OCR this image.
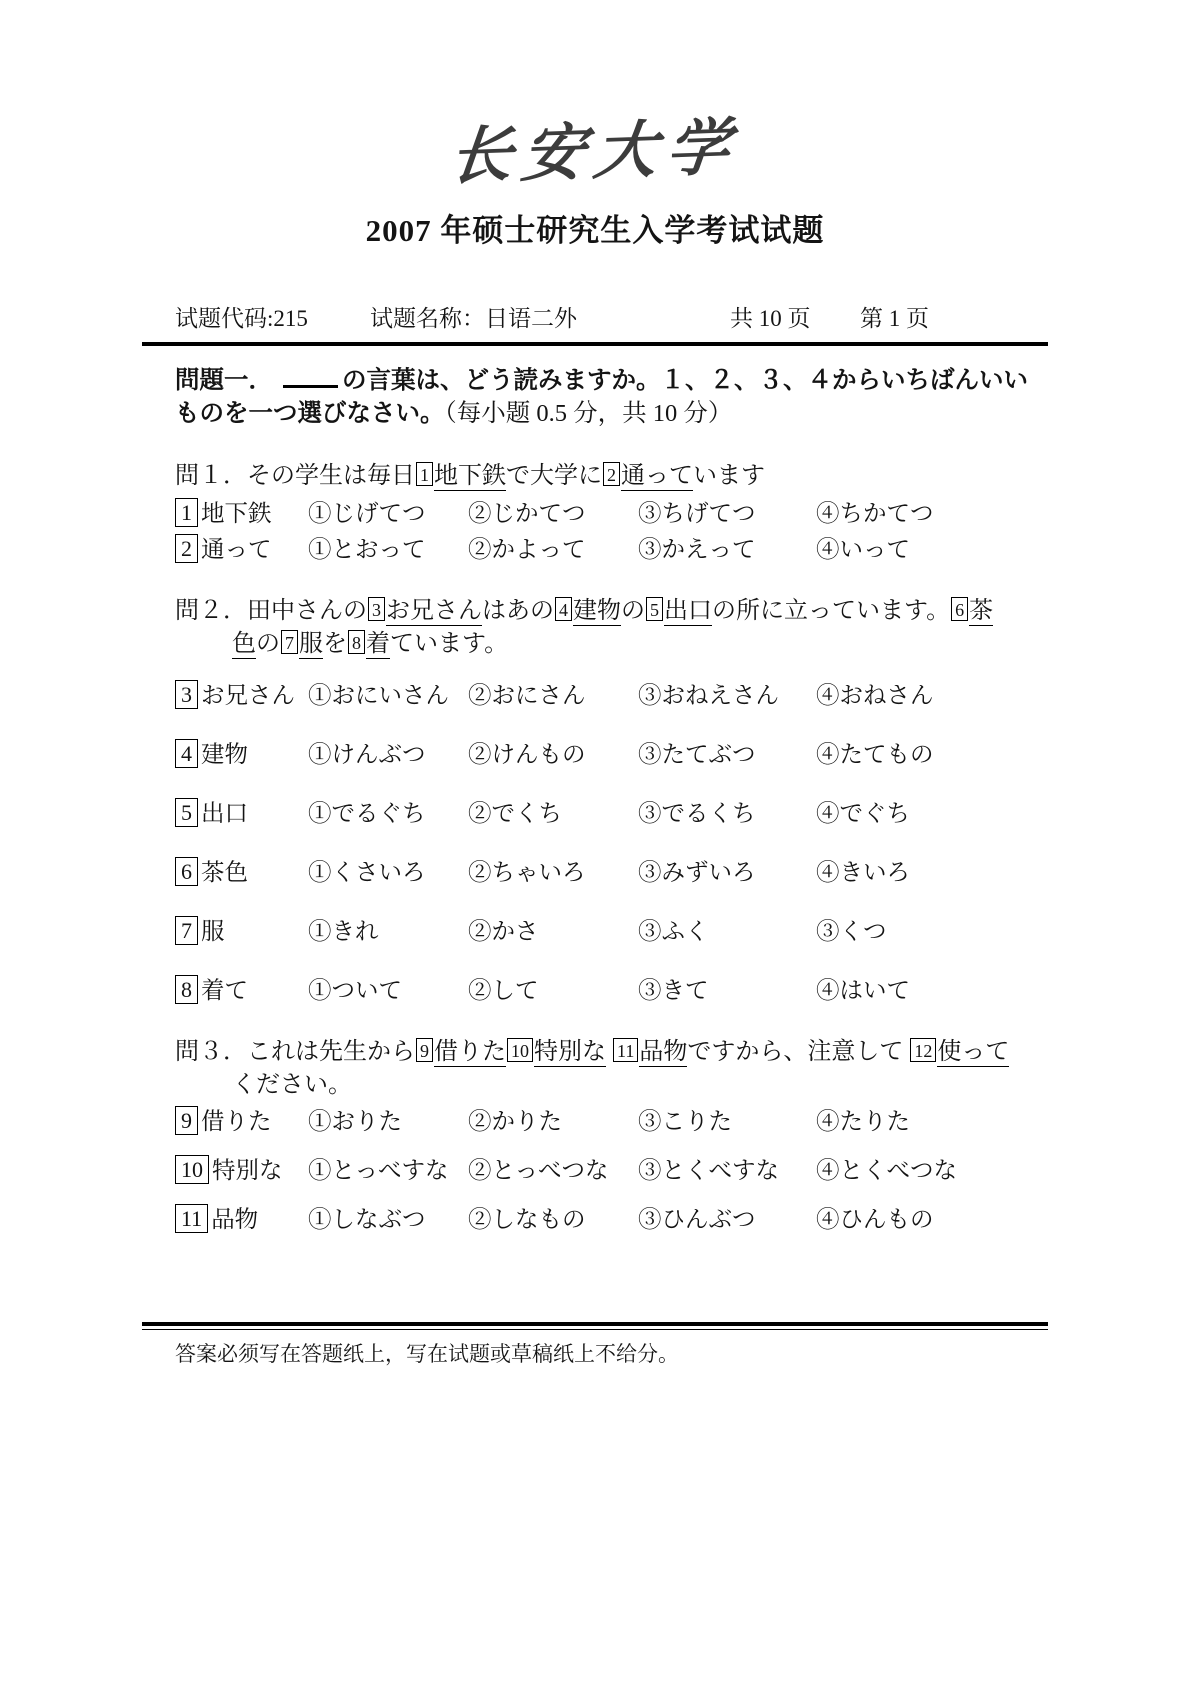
长安大学
2007 年硕士研究生入学考试试题
试题代码:215	试题名称：日语二外	共 10 页	第 1 页
問題一．	の言葉は、どう読みますか。１、２、３、４からいちばんいい
ものを一つ選びなさい。（每小题 0.5 分，共 10 分）
問１．その学生は毎日 1 地下鉄で大学に 2 通っています
1 地下鉄	①じげてつ	②じかてつ	③ちげてつ	④ちかてつ
2 通って	①とおって	②かよって	③かえって	④いって
問２．田中さんの 3 お兄さんはあの 4 建物の 5 出口の所に立っています。 6 茶
色の 7 服を 8 着ています。
3 お兄さん ①おにいさん ②おにさん	③おねえさん	④おねさん
4 建物	①けんぶつ	②けんもの	③たてぶつ	④たてもの
5 出口	①でるぐち	②でくち	③でるくち	④でぐち
6 茶色	①くさいろ	②ちゃいろ	③みずいろ	④きいろ
7 服	①きれ	②かさ	③ふく	③くつ
8 着て	①ついて	②して	③きて	④はいて
問３．これは先生から 9 借りた 10 特別な 11 品物ですから、注意して 12 使って
ください。
9 借りた	①おりた	②かりた	③こりた	④たりた
10 特別な	①とっべすな ②とっべつな	③とくべすな	④とくべつな
11 品物	①しなぶつ	②しなもの	③ひんぶつ	④ひんもの
答案必须写在答题纸上，写在试题或草稿纸上不给分。
